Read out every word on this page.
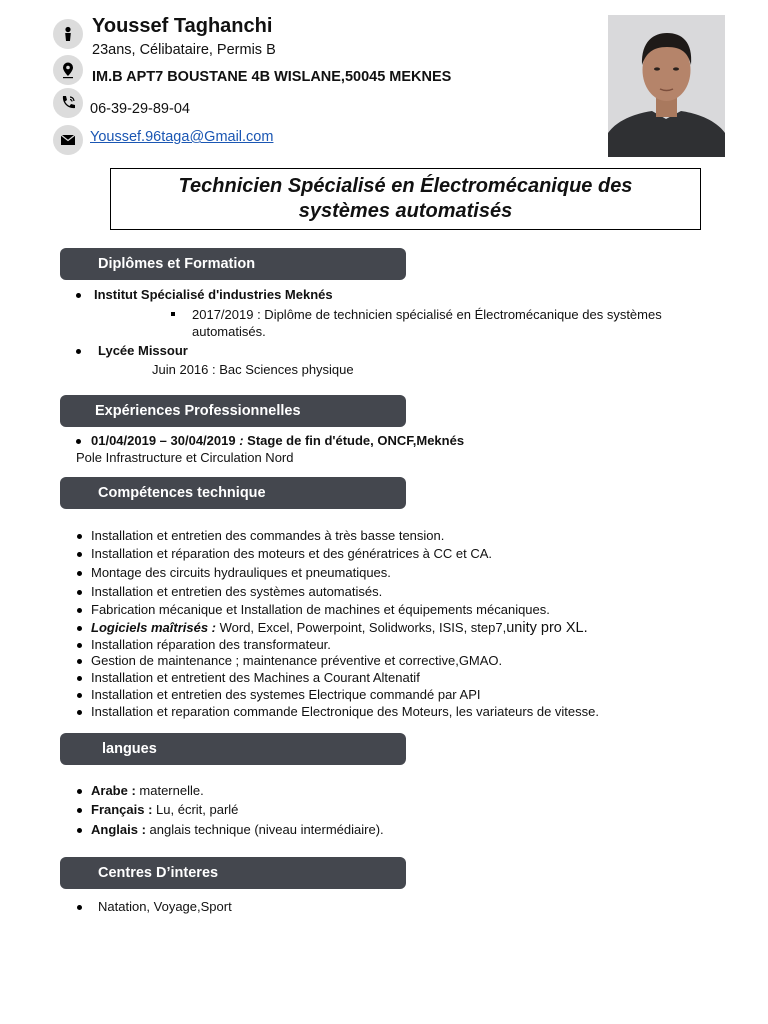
Youssef Taghanchi
23ans, Célibataire, Permis B
IM.B APT7 BOUSTANE 4B WISLANE,50045 MEKNES
06-39-29-89-04
Youssef.96taga@Gmail.com
Technicien Spécialisé en Électromécanique des systèmes automatisés
Diplômes et Formation
Institut Spécialisé d'industries Meknés
2017/2019 : Diplôme de technicien spécialisé en Électromécanique des systèmes
automatisés.
Lycée Missour
Juin 2016 : Bac Sciences physique
Expériences Professionnelles
01/04/2019 – 30/04/2019 : Stage de fin d'étude, ONCF,Meknés
Pole Infrastructure et Circulation Nord
Compétences technique
Installation et entretien des commandes à très basse tension.
Installation et réparation des moteurs et des génératrices à CC et CA.
Montage des circuits hydrauliques et pneumatiques.
Installation et entretien des systèmes automatisés.
Fabrication mécanique et Installation de machines et équipements mécaniques.
Logiciels maîtrisés : Word, Excel, Powerpoint, Solidworks, ISIS, step7,unity pro XL.
Installation réparation des transformateur.
Gestion de maintenance ; maintenance préventive et corrective,GMAO.
Installation et entretient des Machines a Courant Altenatif
Installation et entretien des systemes Electrique commandé par API
Installation et reparation commande Electronique des Moteurs, les variateurs de vitesse.
langues
Arabe : maternelle.
Français : Lu, écrit, parlé
Anglais : anglais technique (niveau intermédiaire).
Centres D’interes
Natation, Voyage,Sport
